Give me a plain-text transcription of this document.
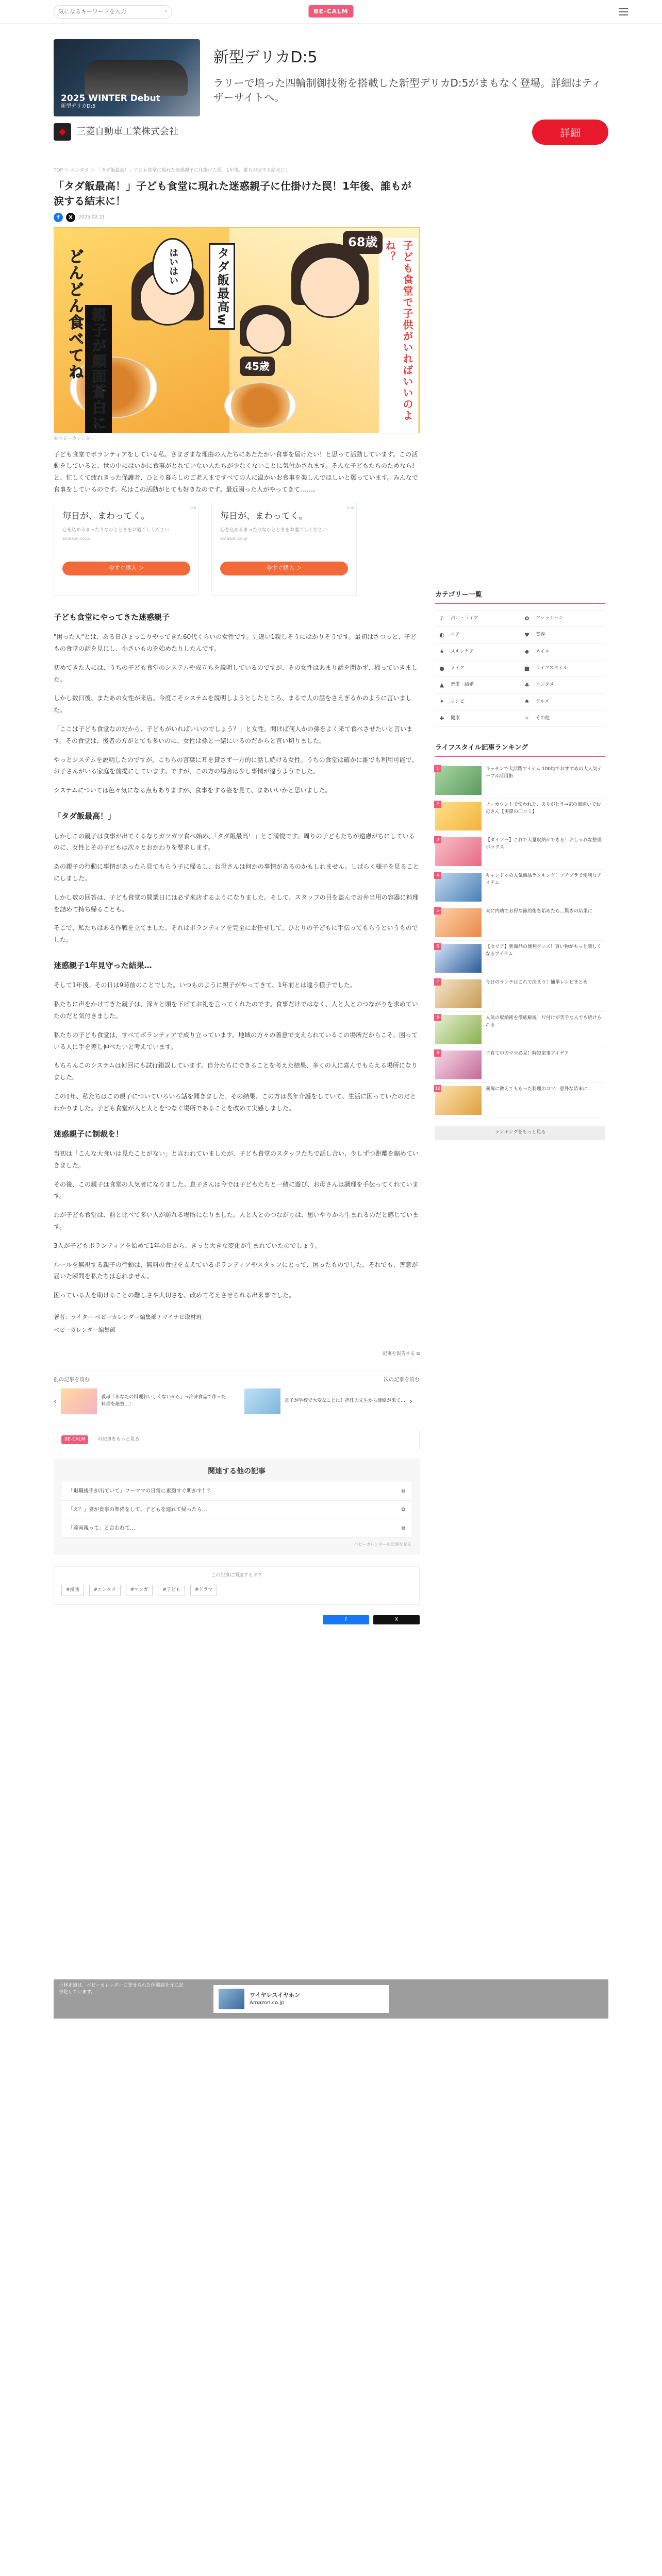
気になるキーワードを入力
⌕	BE-CALM
2025 WINTER Debut
新型デリカD:5
新型デリカD:5

ラリーで培った四輪制御技術を搭載した新型デリカD:5がまもなく登場。詳細はティザーサイトへ。

◆	三菱自動車工業株式会社	詳細
TOP ＞ エンタメ ＞ 「タダ飯最高！」子ども食堂に現れた迷惑親子に仕掛けた罠！1年後、誰もが涙する結末に！
「タダ飯最高！」子ども食堂に現れた迷惑親子に仕掛けた罠！1年後、誰もが涙する結末に！
f	X	2025.02.21
どんどん食べてね 親子が顔面蒼白に
はいはい	タダ飯最高w	子ども食堂で子供がいればいいのよね？
68歳
45歳
©ベビーカレンダー

子ども食堂でボランティアをしている私。さまざまな理由の人たちにあたたかい食事を届けたい！と思って活動しています。この活動をしていると、世の中にはいかに食事がとれていない人たちが少なくないことに気付かされます。そんな子どもたちのためなら!と、忙しくて疲れきった保護者、ひとり暮らしのご老人まですべての人に温かいお食事を楽しんでほしいと願っています。みんなで食事をしているのです。私はこの活動がとても好きなのです。最近困った人がやってきて……。

▷×
毎日が、まわってく。
心を込めるまったりなひとときをお過ごしください
amazon.co.jp
今すぐ購入 ＞
▷×
毎日が、まわってく。
心を込めるまったりなひとときをお過ごしください
amazon.co.jp
今すぐ購入 ＞
子ども食堂にやってきた迷惑親子

"困った人"とは、ある日ひょっこりやってきた60代くらいの女性です。見違い1親しそうにはかりそうです。最初はさつっと、子どもの食堂の話を見にし、小さいものを始めたりしたんです。

初めてきた人には、うちの子ども食堂のシステムや成立ちを説明しているのですが、その女性はあまり話を聞かず、帰っていきました。

しかし数日後、またあの女性が来店。今度こそシステムを説明しようとしたところ、まるで人の話をさえぎるかのように言いました。

「ここは子ども食堂なのだから、子どもがいればいいのでしょう？」と女性。聞けば何人かの孫をよく来て食べさせたいと言います。その食堂は、後者の方がとても多いのに、女性は孫と一緒にいるのだからと言い切りました。

やっとシステムを説明したのですが、こちらの言葉に耳を貸さず一方的に話し続ける女性。うちの食堂は確かに誰でも利用可能で、お子さんがいる家庭を前提にしています。ですが、この方の場合は少し事情が違うようでした。

システムについては色々気になる点もありますが、食事をする姿を見て、まあいいかと思いました。

「タダ飯最高！」

しかしこの親子は食事が出てくるなりガツガツ食べ始め、「タダ飯最高！」とご満悦です。周りの子どもたちが遠慮がちにしているのに、女性とその子どもは次々とおかわりを要求します。

あの親子の行動に事情があったら見てもらう子に帰るし、お母さんは何かの事情があるのかもしれません。しばらく様子を見ることにしました。

しかし数の回答は、子ども食堂の開業日には必ず来店するようになりました。そして、スタッフの目を盗んでお弁当用の容器に料理を詰めて持ち帰ることも。

そこで、私たちはある作戦を立てました。それはボランティアを完全にお任せして、ひとりの子どもに手伝ってもらうというものでした。

迷惑親子1年見守った結果…

そして1年後。その日は9時前のことでした。いつものように親子がやってきて、1年前とは違う様子でした。

私たちに声をかけてきた親子は、深々と頭を下げてお礼を言ってくれたのです。食事だけではなく、人と人とのつながりを求めていたのだと気付きました。

私たちの子ども食堂は、すべてボランティアで成り立っています。地域の方々の善意で支えられているこの場所だからこそ、困っている人に手を差し伸べたいと考えています。

もちろんこのシステムは何回にも試行錯誤しています。自分たちにできることを考えた結果、多くの人に喜んでもらえる場所になりました。

この1年、私たちはこの親子についていろいろ話を聞きました。その結果、この方は長年介護をしていて、生活に困っていたのだとわかりました。子ども食堂が人と人とをつなぐ場所であることを改めて実感しました。

迷惑親子に制裁を！

当初は「こんな大食いは見たことがない」と言われていましたが、子ども食堂のスタッフたちで話し合い、少しずつ距離を縮めていきました。

その後、この親子は食堂の人気者になりました。息子さんは今では子どもたちと一緒に遊び、お母さんは調理を手伝ってくれています。

わが子ども食堂は、前と比べて多い人が訪れる場所になりました。人と人とのつながりは、思いやりから生まれるのだと感じています。

3人が子どもボランティアを始めて1年の日から、きっと大きな変化が生まれていたのでしょう。

ルールを無視する親子の行動は、無料の食堂を支えているボランティアやスタッフにとって、困ったものでした。それでも、善意が届いた瞬間を私たちは忘れません。

困っている人を助けることの難しさや大切さを、改めて考えさせられる出来事でした。

著者：ライター ベビーカレンダー編集部 / マイナビ取材班
ベビーカレンダー編集部
記事を報告する ⧉
前の記事を読む
‹	義母「あなたの料理おいしくないから」→冷凍食品で作った料理を絶賛…！
次の記事を読む
息子が学校で大変なことに！担任の先生から連絡が来て… ›
BE-CALM	の記事をもっと見る
関連する他の記事
「退職後手が出ていて」ワーママの日常に素顔すぐ明かす！？	⧉
「え？」妻が食事の準備をして、子どもを連れて帰ったら…	⧉
「義両親って」と言われて…	⧉
ベビーカレンダーの記事を見る
この記事に関連するタグ
#漫画	#エンタメ	#マンガ	#子ども	#ドラマ
f	X
カテゴリー一覧
♪	占い・ライフ	✿ ファッション
◐ ヘア	♥ 美容
★ スキンケア	◆	ネイル
● メイク	■ ライフスタイル
▲	恋愛・結婚	♣ エンタメ
✦ レシピ	♠ グルメ
✚ 健康	✧ その他
ライフスタイル記事ランキング
1	キッチンで大活躍アイテム 100均でおすすめの大人気テーブル活用術
2	ノーカウントで使われた、ありがとう→家の間違いでお母さん【実際の口コミ】
3	【ダイソー】これで大量収納ができる！おしゃれな整理ボックス
4	キャンドゥの人気商品ランキング！プチプラで便利なアイテム
5	夫に内緒でお得な節約術を始めたら…驚きの結果に
6	【セリア】新商品の便利グッズ！買い物がもっと楽しくなるアイテム
7	今日のランチはこれで決まり！簡単レシピまとめ
8	人気の収納術を徹底解説！片付けが苦手な人でも続けられる
9	子育て中のママ必見！時短家事アイデア
10	義母に教えてもらった料理のコツ、意外な結末に…
ランキングをもっと見る
小林正道は、ベビーカレンダーに寄せられた体験談を元に記事化しています。	ワイヤレスイヤホン
Amazon.co.jp
